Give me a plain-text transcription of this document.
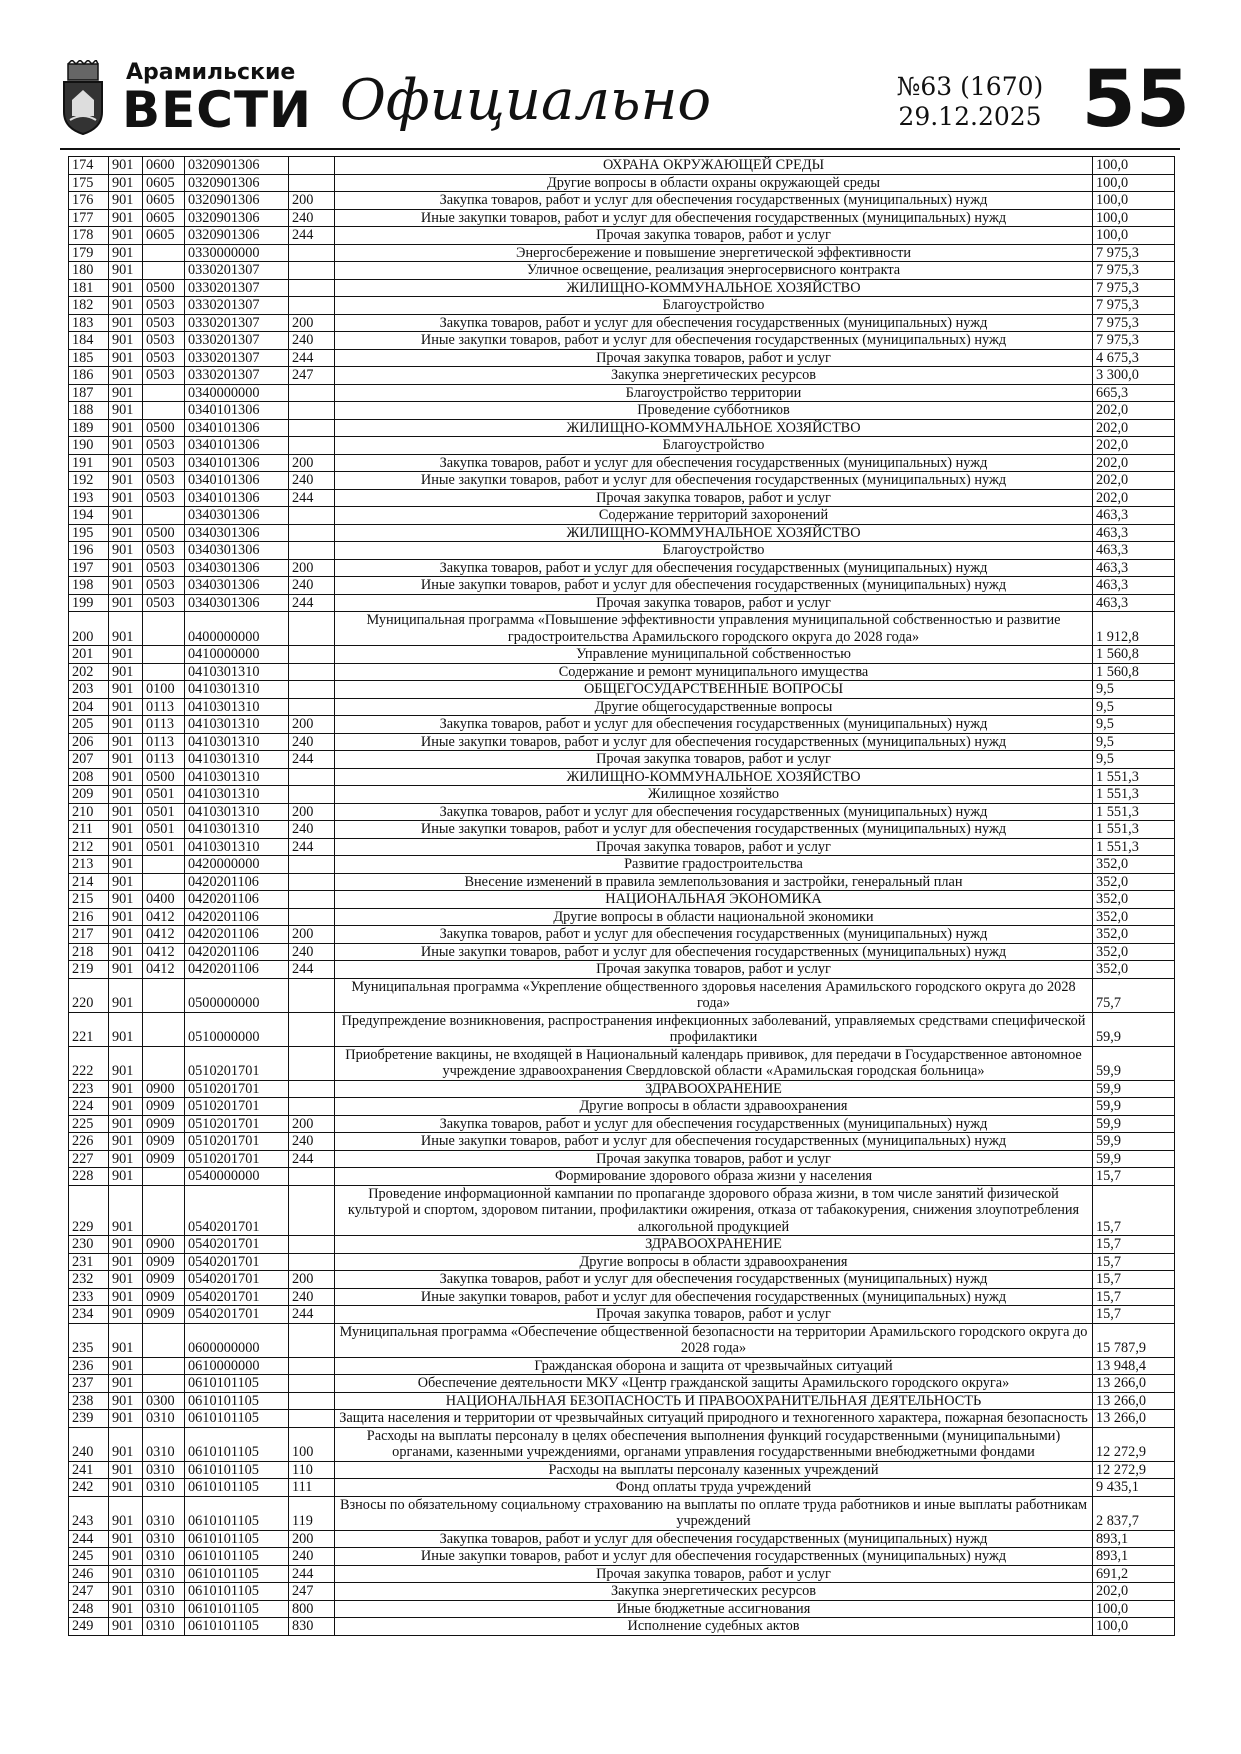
Арамильские
ВЕСТИ Официально	№63 (1670)
29.12.2025 55
174	901	0600	0320901306		ОХРАНА ОКРУЖАЮЩЕЙ СРЕДЫ	100,0
175	901	0605	0320901306		Другие вопросы в области охраны окружающей среды	100,0
176	901	0605	0320901306	200	Закупка товаров, работ и услуг для обеспечения государственных (муниципальных) нужд	100,0
177	901	0605	0320901306	240	Иные закупки товаров, работ и услуг для обеспечения государственных (муниципальных) нужд	100,0
178	901	0605	0320901306	244	Прочая закупка товаров, работ и услуг	100,0
179	901		0330000000		Энергосбережение и повышение энергетической эффективности	7 975,3
180	901		0330201307		Уличное освещение, реализация энергосервисного контракта	7 975,3
181	901	0500	0330201307		ЖИЛИЩНО-КОММУНАЛЬНОЕ ХОЗЯЙСТВО	7 975,3
182	901	0503	0330201307		Благоустройство	7 975,3
183	901	0503	0330201307	200	Закупка товаров, работ и услуг для обеспечения государственных (муниципальных) нужд	7 975,3
184	901	0503	0330201307	240	Иные закупки товаров, работ и услуг для обеспечения государственных (муниципальных) нужд	7 975,3
185	901	0503	0330201307	244	Прочая закупка товаров, работ и услуг	4 675,3
186	901	0503	0330201307	247	Закупка энергетических ресурсов	3 300,0
187	901		0340000000		Благоустройство территории	665,3
188	901		0340101306		Проведение субботников	202,0
189	901	0500	0340101306		ЖИЛИЩНО-КОММУНАЛЬНОЕ ХОЗЯЙСТВО	202,0
190	901	0503	0340101306		Благоустройство	202,0
191	901	0503	0340101306	200	Закупка товаров, работ и услуг для обеспечения государственных (муниципальных) нужд	202,0
192	901	0503	0340101306	240	Иные закупки товаров, работ и услуг для обеспечения государственных (муниципальных) нужд	202,0
193	901	0503	0340101306	244	Прочая закупка товаров, работ и услуг	202,0
194	901		0340301306		Содержание территорий захоронений	463,3
195	901	0500	0340301306		ЖИЛИЩНО-КОММУНАЛЬНОЕ ХОЗЯЙСТВО	463,3
196	901	0503	0340301306		Благоустройство	463,3
197	901	0503	0340301306	200	Закупка товаров, работ и услуг для обеспечения государственных (муниципальных) нужд	463,3
198	901	0503	0340301306	240	Иные закупки товаров, работ и услуг для обеспечения государственных (муниципальных) нужд	463,3
199	901	0503	0340301306	244	Прочая закупка товаров, работ и услуг	463,3
200	901		0400000000		Муниципальная программа «Повышение эффективности управления муниципальной собственностью и развитие градостроительства Арамильского городского округа до 2028 года»	1 912,8
201	901		0410000000		Управление муниципальной собственностью	1 560,8
202	901		0410301310		Содержание и ремонт муниципального имущества	1 560,8
203	901	0100	0410301310		ОБЩЕГОСУДАРСТВЕННЫЕ ВОПРОСЫ	9,5
204	901	0113	0410301310		Другие общегосударственные вопросы	9,5
205	901	0113	0410301310	200	Закупка товаров, работ и услуг для обеспечения государственных (муниципальных) нужд	9,5
206	901	0113	0410301310	240	Иные закупки товаров, работ и услуг для обеспечения государственных (муниципальных) нужд	9,5
207	901	0113	0410301310	244	Прочая закупка товаров, работ и услуг	9,5
208	901	0500	0410301310		ЖИЛИЩНО-КОММУНАЛЬНОЕ ХОЗЯЙСТВО	1 551,3
209	901	0501	0410301310		Жилищное хозяйство	1 551,3
210	901	0501	0410301310	200	Закупка товаров, работ и услуг для обеспечения государственных (муниципальных) нужд	1 551,3
211	901	0501	0410301310	240	Иные закупки товаров, работ и услуг для обеспечения государственных (муниципальных) нужд	1 551,3
212	901	0501	0410301310	244	Прочая закупка товаров, работ и услуг	1 551,3
213	901		0420000000		Развитие градостроительства	352,0
214	901		0420201106		Внесение изменений в правила землепользования и застройки, генеральный план	352,0
215	901	0400	0420201106		НАЦИОНАЛЬНАЯ ЭКОНОМИКА	352,0
216	901	0412	0420201106		Другие вопросы в области национальной экономики	352,0
217	901	0412	0420201106	200	Закупка товаров, работ и услуг для обеспечения государственных (муниципальных) нужд	352,0
218	901	0412	0420201106	240	Иные закупки товаров, работ и услуг для обеспечения государственных (муниципальных) нужд	352,0
219	901	0412	0420201106	244	Прочая закупка товаров, работ и услуг	352,0
220	901		0500000000		Муниципальная программа «Укрепление общественного здоровья населения Арамильского городского округа до 2028 года»	75,7
221	901		0510000000		Предупреждение возникновения, распространения инфекционных заболеваний, управляемых средствами специфической профилактики	59,9
222	901		0510201701		Приобретение вакцины, не входящей в Национальный календарь прививок, для передачи в Государственное автономное учреждение здравоохранения Свердловской области «Арамильская городская больница»	59,9
223	901	0900	0510201701		ЗДРАВООХРАНЕНИЕ	59,9
224	901	0909	0510201701		Другие вопросы в области здравоохранения	59,9
225	901	0909	0510201701	200	Закупка товаров, работ и услуг для обеспечения государственных (муниципальных) нужд	59,9
226	901	0909	0510201701	240	Иные закупки товаров, работ и услуг для обеспечения государственных (муниципальных) нужд	59,9
227	901	0909	0510201701	244	Прочая закупка товаров, работ и услуг	59,9
228	901		0540000000		Формирование здорового образа жизни у населения	15,7
229	901		0540201701		Проведение информационной кампании по пропаганде здорового образа жизни, в том числе занятий физической культурой и спортом, здоровом питании, профилактики ожирения, отказа от табакокурения, снижения злоупотребления алкогольной продукцией	15,7
230	901	0900	0540201701		ЗДРАВООХРАНЕНИЕ	15,7
231	901	0909	0540201701		Другие вопросы в области здравоохранения	15,7
232	901	0909	0540201701	200	Закупка товаров, работ и услуг для обеспечения государственных (муниципальных) нужд	15,7
233	901	0909	0540201701	240	Иные закупки товаров, работ и услуг для обеспечения государственных (муниципальных) нужд	15,7
234	901	0909	0540201701	244	Прочая закупка товаров, работ и услуг	15,7
235	901		0600000000		Муниципальная программа «Обеспечение общественной безопасности на территории Арамильского городского округа до 2028 года»	15 787,9
236	901		0610000000		Гражданская оборона и защита от чрезвычайных ситуаций	13 948,4
237	901		0610101105		Обеспечение деятельности МКУ «Центр гражданской защиты Арамильского городского округа»	13 266,0
238	901	0300	0610101105		НАЦИОНАЛЬНАЯ БЕЗОПАСНОСТЬ И ПРАВООХРАНИТЕЛЬНАЯ ДЕЯТЕЛЬНОСТЬ	13 266,0
239	901	0310	0610101105		Защита населения и территории от чрезвычайных ситуаций природного и техногенного характера, пожарная безопасность	13 266,0
240	901	0310	0610101105	100	Расходы на выплаты персоналу в целях обеспечения выполнения функций государственными (муниципальными) органами, казенными учреждениями, органами управления государственными внебюджетными фондами	12 272,9
241	901	0310	0610101105	110	Расходы на выплаты персоналу казенных учреждений	12 272,9
242	901	0310	0610101105	111	Фонд оплаты труда учреждений	9 435,1
243	901	0310	0610101105	119	Взносы по обязательному социальному страхованию на выплаты по оплате труда работников и иные выплаты работникам учреждений	2 837,7
244	901	0310	0610101105	200	Закупка товаров, работ и услуг для обеспечения государственных (муниципальных) нужд	893,1
245	901	0310	0610101105	240	Иные закупки товаров, работ и услуг для обеспечения государственных (муниципальных) нужд	893,1
246	901	0310	0610101105	244	Прочая закупка товаров, работ и услуг	691,2
247	901	0310	0610101105	247	Закупка энергетических ресурсов	202,0
248	901	0310	0610101105	800	Иные бюджетные ассигнования	100,0
249	901	0310	0610101105	830	Исполнение судебных актов	100,0
